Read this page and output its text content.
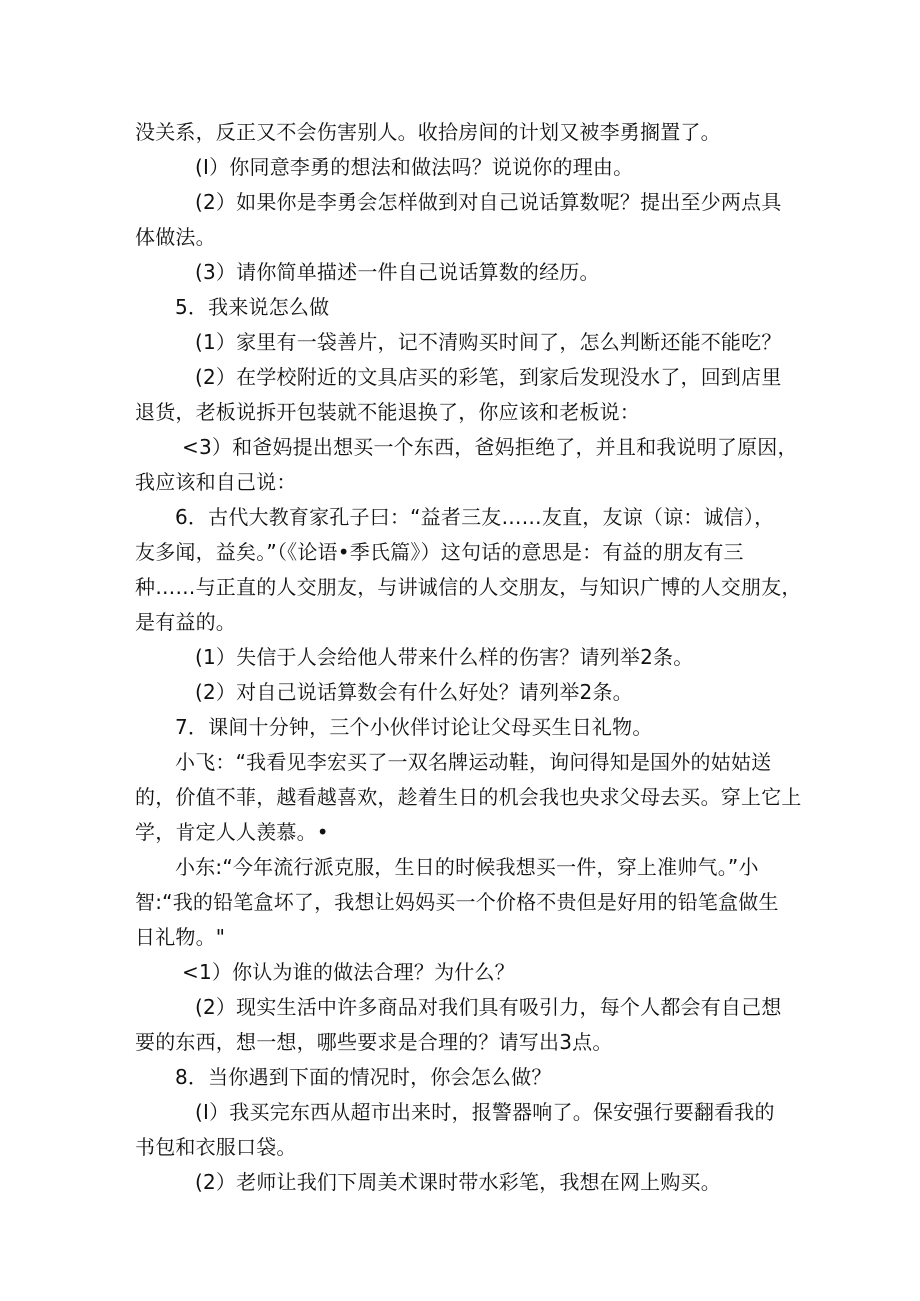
没关系，反正又不会伤害别人。收拾房间的计划又被李勇搁置了。
(I）你同意李勇的想法和做法吗？说说你的理由。
(2）如果你是李勇会怎样做到对自己说话算数呢？提出至少两点具
体做法。
(3）请你简单描述一件自己说话算数的经历。
5．我来说怎么做
(1）家里有一袋善片，记不清购买时间了，怎么判断还能不能吃？
(2）在学校附近的文具店买的彩笔，到家后发现没水了，回到店里
退货，老板说拆开包装就不能退换了，你应该和老板说：
<3）和爸妈提出想买一个东西，爸妈拒绝了，并且和我说明了原因，
我应该和自己说：
6．古代大教育家孔子曰：“益者三友……友直，友谅（谅：诚信），
友多闻，益矣。”（《论语•季氏篇》）这句话的意思是：有益的朋友有三
种……与正直的人交朋友，与讲诚信的人交朋友，与知识广博的人交朋友，
是有益的。
(1）失信于人会给他人带来什么样的伤害？请列举2条。
(2）对自己说话算数会有什么好处？请列举2条。
7．课间十分钟，三个小伙伴讨论让父母买生日礼物。
小飞：“我看见李宏买了一双名牌运动鞋，询问得知是国外的姑姑送
的，价值不菲，越看越喜欢，趁着生日的机会我也央求父母去买。穿上它上
学，肯定人人羡慕。•
小东:“今年流行派克服，生日的时候我想买一件，穿上准帅气。”小
智:“我的铅笔盒坏了，我想让妈妈买一个价格不贵但是好用的铅笔盒做生
日礼物。"
<1）你认为谁的做法合理？为什么？
(2）现实生活中许多商品对我们具有吸引力，每个人都会有自己想
要的东西，想一想，哪些要求是合理的？请写出3点。
8．当你遇到下面的情况时，你会怎么做？
(I）我买完东西从超市出来时，报警器响了。保安强行要翻看我的
书包和衣服口袋。
(2）老师让我们下周美术课时带水彩笔，我想在网上购买。
